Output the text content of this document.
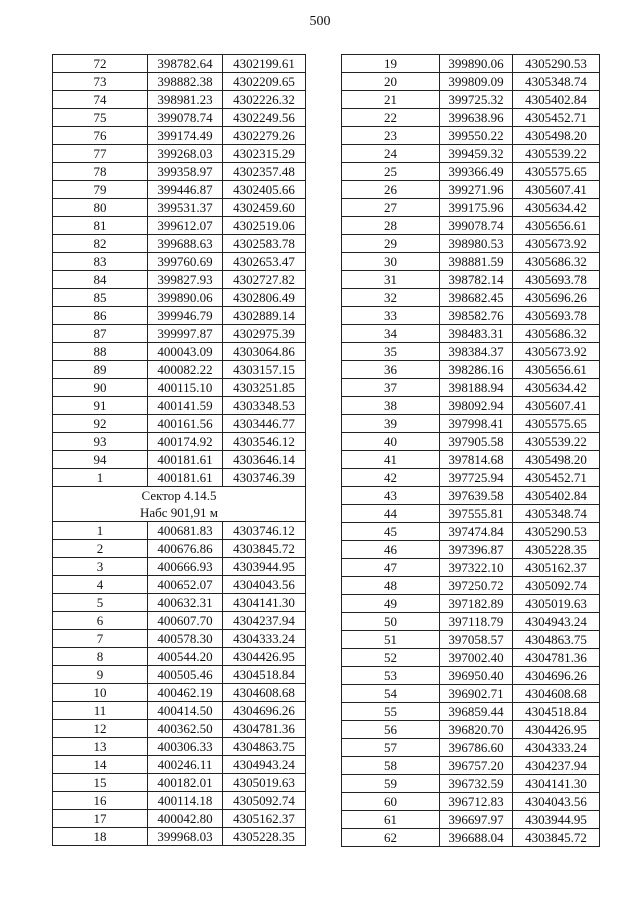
500
72	398782.64	4302199.61
73	398882.38	4302209.65
74	398981.23	4302226.32
75	399078.74	4302249.56
76	399174.49	4302279.26
77	399268.03	4302315.29
78	399358.97	4302357.48
79	399446.87	4302405.66
80	399531.37	4302459.60
81	399612.07	4302519.06
82	399688.63	4302583.78
83	399760.69	4302653.47
84	399827.93	4302727.82
85	399890.06	4302806.49
86	399946.79	4302889.14
87	399997.87	4302975.39
88	400043.09	4303064.86
89	400082.22	4303157.15
90	400115.10	4303251.85
91	400141.59	4303348.53
92	400161.56	4303446.77
93	400174.92	4303546.12
94	400181.61	4303646.14
1	400181.61	4303746.39
Сектор 4.14.5		
Нaбс 901,91 м		
1	400681.83	4303746.12
2	400676.86	4303845.72
3	400666.93	4303944.95
4	400652.07	4304043.56
5	400632.31	4304141.30
6	400607.70	4304237.94
7	400578.30	4304333.24
8	400544.20	4304426.95
9	400505.46	4304518.84
10	400462.19	4304608.68
11	400414.50	4304696.26
12	400362.50	4304781.36
13	400306.33	4304863.75
14	400246.11	4304943.24
15	400182.01	4305019.63
16	400114.18	4305092.74
17	400042.80	4305162.37
18	399968.03	4305228.35
19	399890.06	4305290.53
20	399809.09	4305348.74
21	399725.32	4305402.84
22	399638.96	4305452.71
23	399550.22	4305498.20
24	399459.32	4305539.22
25	399366.49	4305575.65
26	399271.96	4305607.41
27	399175.96	4305634.42
28	399078.74	4305656.61
29	398980.53	4305673.92
30	398881.59	4305686.32
31	398782.14	4305693.78
32	398682.45	4305696.26
33	398582.76	4305693.78
34	398483.31	4305686.32
35	398384.37	4305673.92
36	398286.16	4305656.61
37	398188.94	4305634.42
38	398092.94	4305607.41
39	397998.41	4305575.65
40	397905.58	4305539.22
41	397814.68	4305498.20
42	397725.94	4305452.71
43	397639.58	4305402.84
44	397555.81	4305348.74
45	397474.84	4305290.53
46	397396.87	4305228.35
47	397322.10	4305162.37
48	397250.72	4305092.74
49	397182.89	4305019.63
50	397118.79	4304943.24
51	397058.57	4304863.75
52	397002.40	4304781.36
53	396950.40	4304696.26
54	396902.71	4304608.68
55	396859.44	4304518.84
56	396820.70	4304426.95
57	396786.60	4304333.24
58	396757.20	4304237.94
59	396732.59	4304141.30
60	396712.83	4304043.56
61	396697.97	4303944.95
62	396688.04	4303845.72
